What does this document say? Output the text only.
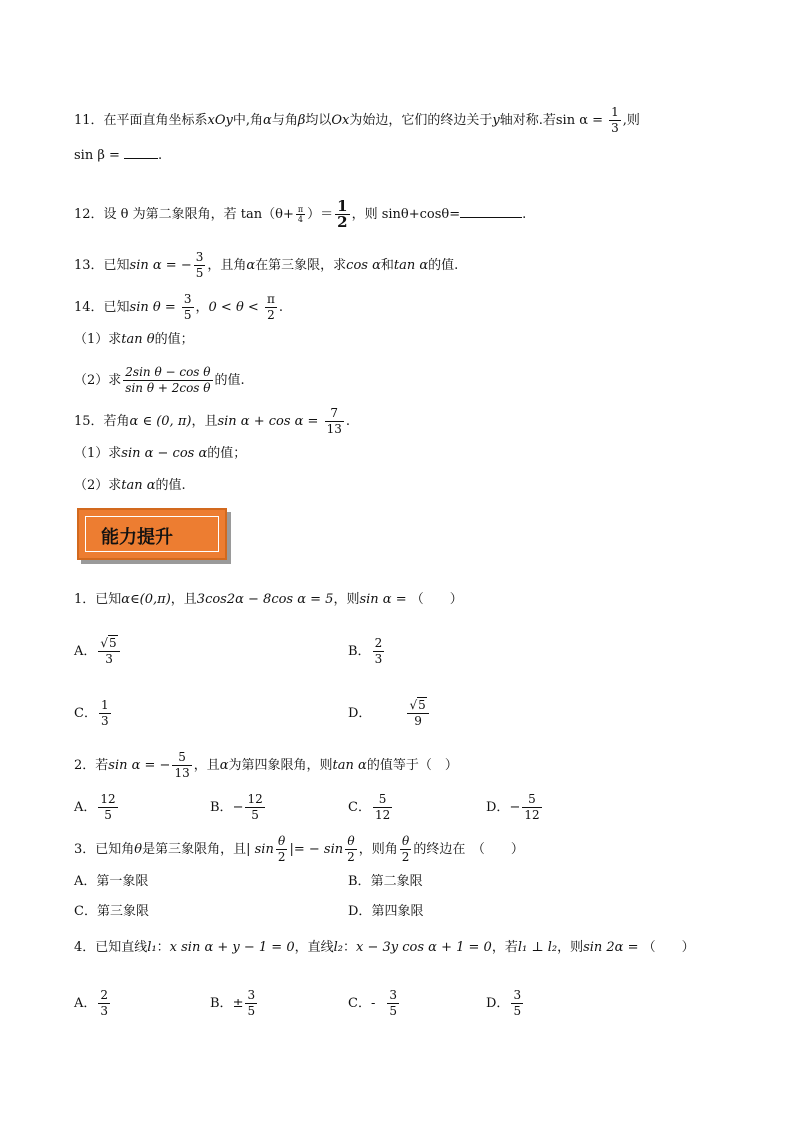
11．在平面直角坐标系xOy中,角α与角β均以Ox为始边，它们的终边关于y轴对称.若$\sin \alpha = \frac{1}{3}$ ,则
sin β =	.
12．设 θ 为第二象限角，若 $\tan(\theta+ \frac{\pi}{4}$ ）＝ $\frac{1}{2}$ ，则 sinθ+cosθ=	.
13．已知sin α = − $\frac{3}{5}$ ，且角α在第三象限，求cos α和tan α的值.
14．已知$\sin \theta = \frac{3}{5}$ ，$0 < \theta < \frac{\pi}{2}$ .
（1）求tan θ的值；
（2）求 $\frac{\text{2sin θ − cos θ}}{\text{sin θ + 2cos θ}}$ 的值.
15．若角α ∈ (0, π)，且$\sin \alpha + \cos \alpha = \frac{7}{13}$ .
（1）求sin α − cos α的值；
（2）求tan α的值.
能力提升
1．已知α∈(0,π)，且3cos2α − 8cos α = 5，则sin α = （　　）
A． $\frac{√5}{3}$	B． $\frac{2}{3}$
C． $\frac{1}{3}$	D．	$\frac{√5}{9}$
2．若sin α = − $\frac{5}{13}$ ，且α为第四象限角，则tan α的值等于（　）
A． $\frac{12}{5}$	B．− $\frac{12}{5}$	C． $\frac{5}{12}$	D．− $\frac{5}{12}$
3．已知角θ是第三象限角，且| $\sin \frac{\theta}{2}$ |= − $\sin \frac{\theta}{2}$ ，则角 $\frac{\theta}{2}$ 的终边在　（　　）
A．第一象限	B．第二象限
C．第三象限	D．第四象限
4．已知直线l₁：x sin α + y − 1 = 0，直线l₂：x − 3y cos α + 1 = 0，若l₁ ⊥ l₂，则sin 2α = （　　）
A． $\frac{2}{3}$	B．± $\frac{3}{5}$	C．- $\frac{3}{5}$	D． $\frac{3}{5}$
